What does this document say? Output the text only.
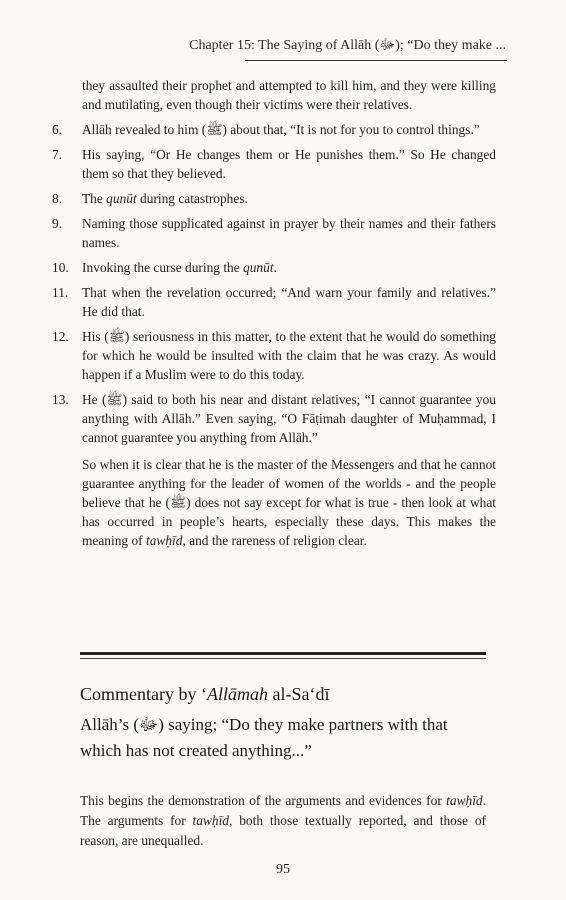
Chapter 15: The Saying of Allāh (ﷻ); “Do they make ...

they assaulted their prophet and attempted to kill him, and they were killing and mutilating, even though their victims were their relatives.

6.	Allāh revealed to him (ﷺ) about that, “It is not for you to control things.”
7.	His saying, “Or He changes them or He punishes them.” So He changed them so that they believed.
8.	The qunūt during catastrophes.
9.	Naming those supplicated against in prayer by their names and their fathers names.
10. Invoking the curse during the qunūt.
11.	That when the revelation occurred; “And warn your family and relatives.” He did that.
12. His (ﷺ) seriousness in this matter, to the extent that he would do something for which he would be insulted with the claim that he was crazy. As would happen if a Muslim were to do this today.
13. He (ﷺ) said to both his near and distant relatives; “I cannot guarantee you anything with Allāh.” Even saying, “O Fāṭimah daughter of Muḥammad, I cannot guarantee you anything from Allāh.”

So when it is clear that he is the master of the Messengers and that he cannot guarantee anything for the leader of women of the worlds - and the people believe that he (ﷺ) does not say except for what is true - then look at what has occurred in people’s hearts, especially these days. This makes the meaning of tawḥīd, and the rareness of religion clear.

Commentary by ‘Allāmah al-Sa‘dī
Allāh’s (ﷻ) saying; “Do they make partners with that which has not created anything...”

This begins the demonstration of the arguments and evidences for tawḥīd. The arguments for tawḥīd, both those textually reported, and those of reason, are unequalled.

95
